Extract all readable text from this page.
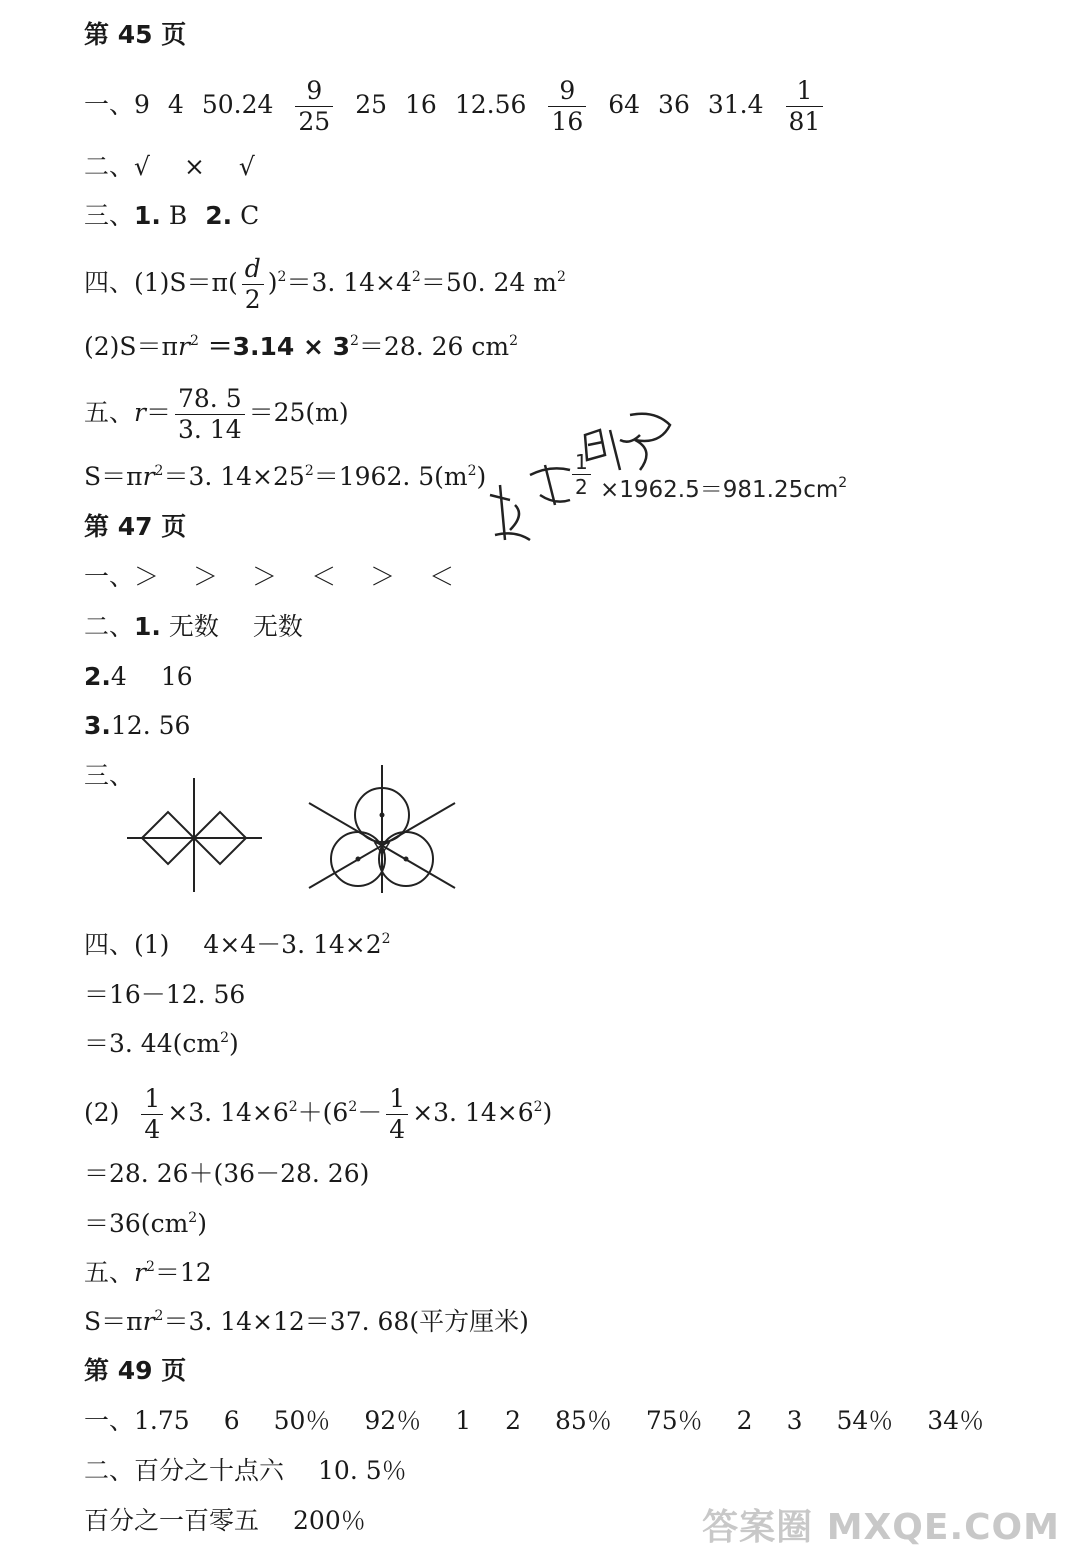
第 45 页
一、9 4 $50.24 \frac{9}{25} 25$ 16 $12.56 \frac{9}{16} 64$ 36 $31.4 \frac{1}{81}$
二、√ × √
三、1. B 2. C
四、$(1)S=\pi( \frac{d}{2} )^2=3$. $14\times 4^2=50$. 24 $m^2$
$(2)S=\pi r^2 =3.14 \times 3^2=28$. 26 $cm^2$
五、$r= \frac{78. 5}{3. 14} =25(m)$
$S=\pi r^2=3$. $14\times 25^2=1962$. $5(m^2)$	$\frac{1}{2} \times 1962.5=981.25cm^2$
第 47 页
一、＞ ＞ ＞ ＜ ＞ ＜
二、1. 无数 无数
2.4 16
3.12. 56
三、
四、(1) 4×4－3. $14\times 2^2$
＝16－12. 56
＝3. $44(cm^2)$
$(2) \frac{1}{4} \times 3$. $14\times 6^2+(6^2- \frac{1}{4} \times 3$. $14\times 6^2$)
＝28. 26＋(36－28. 26)
$=36(cm^2)$
五、$r^2=12$
$S=\pi r^2=3$. 14×12＝37. 68(平方厘米)
第 49 页
一、1.75 6 50％ 92％ 1 2 85％ 75％ 2 3 54％ 34％
二、百分之十点六 10. 5％
百分之一百零五 200％	答案圈 MXQE.COM
